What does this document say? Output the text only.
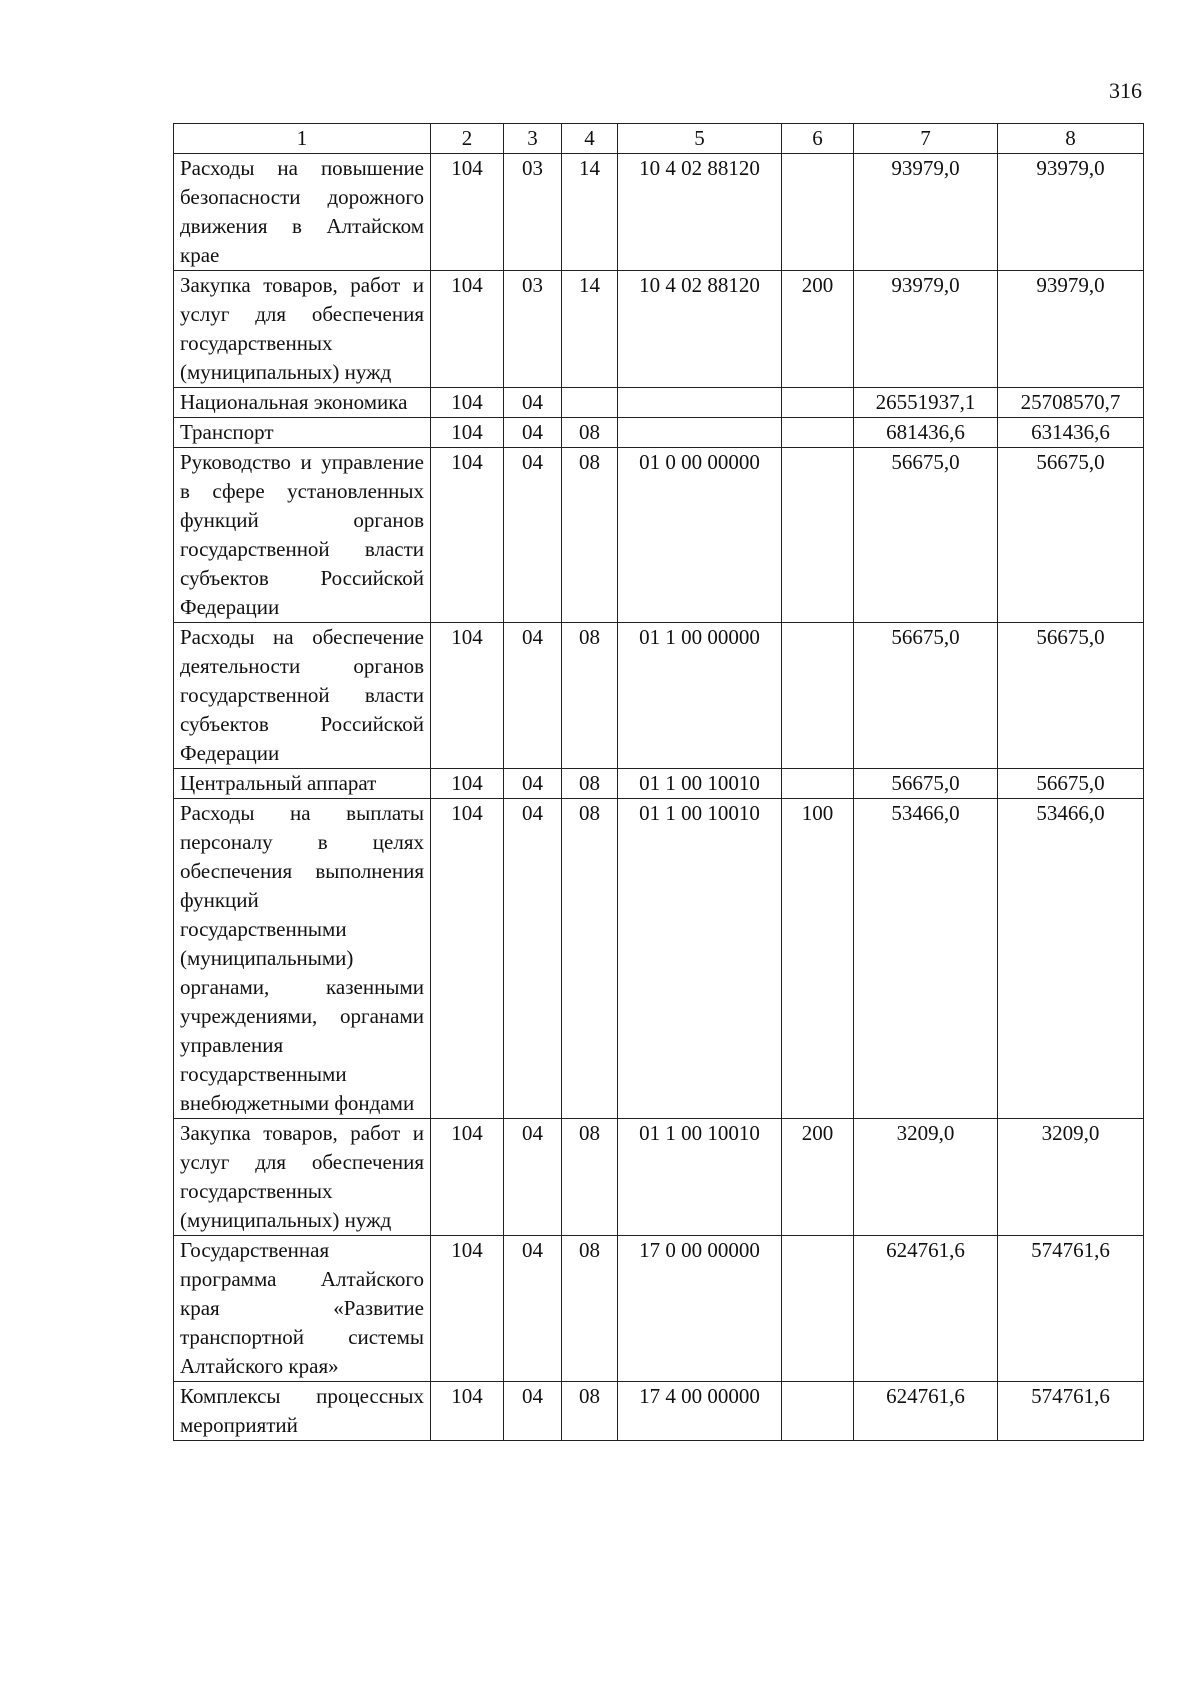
316
1	2	3	4	5	6	7	8
Расходы на повышение безопасности дорожного движения в Алтайском крае	104	03	14	10 4 02 88120		93979,0	93979,0
Закупка товаров, работ и услуг для обеспечения государственных (муниципальных) нужд	104	03	14	10 4 02 88120	200	93979,0	93979,0
Национальная экономика	104	04				26551937,1	25708570,7
Транспорт	104	04	08			681436,6	631436,6
Руководство и управление в сфере установленных функций органов государственной власти субъектов Российской Федерации	104	04	08	01 0 00 00000		56675,0	56675,0
Расходы на обеспечение деятельности органов государственной власти субъектов Российской Федерации	104	04	08	01 1 00 00000		56675,0	56675,0
Центральный аппарат	104	04	08	01 1 00 10010		56675,0	56675,0
Расходы на выплаты персоналу в целях обеспечения выполнения функций государственными (муниципальными) органами, казенными учреждениями, органами управления государственными внебюджетными фондами	104	04	08	01 1 00 10010	100	53466,0	53466,0
Закупка товаров, работ и услуг для обеспечения государственных (муниципальных) нужд	104	04	08	01 1 00 10010	200	3209,0	3209,0
Государственная программа Алтайского края «Развитие транспортной системы Алтайского края»	104	04	08	17 0 00 00000		624761,6	574761,6
Комплексы процессных мероприятий	104	04	08	17 4 00 00000		624761,6	574761,6
